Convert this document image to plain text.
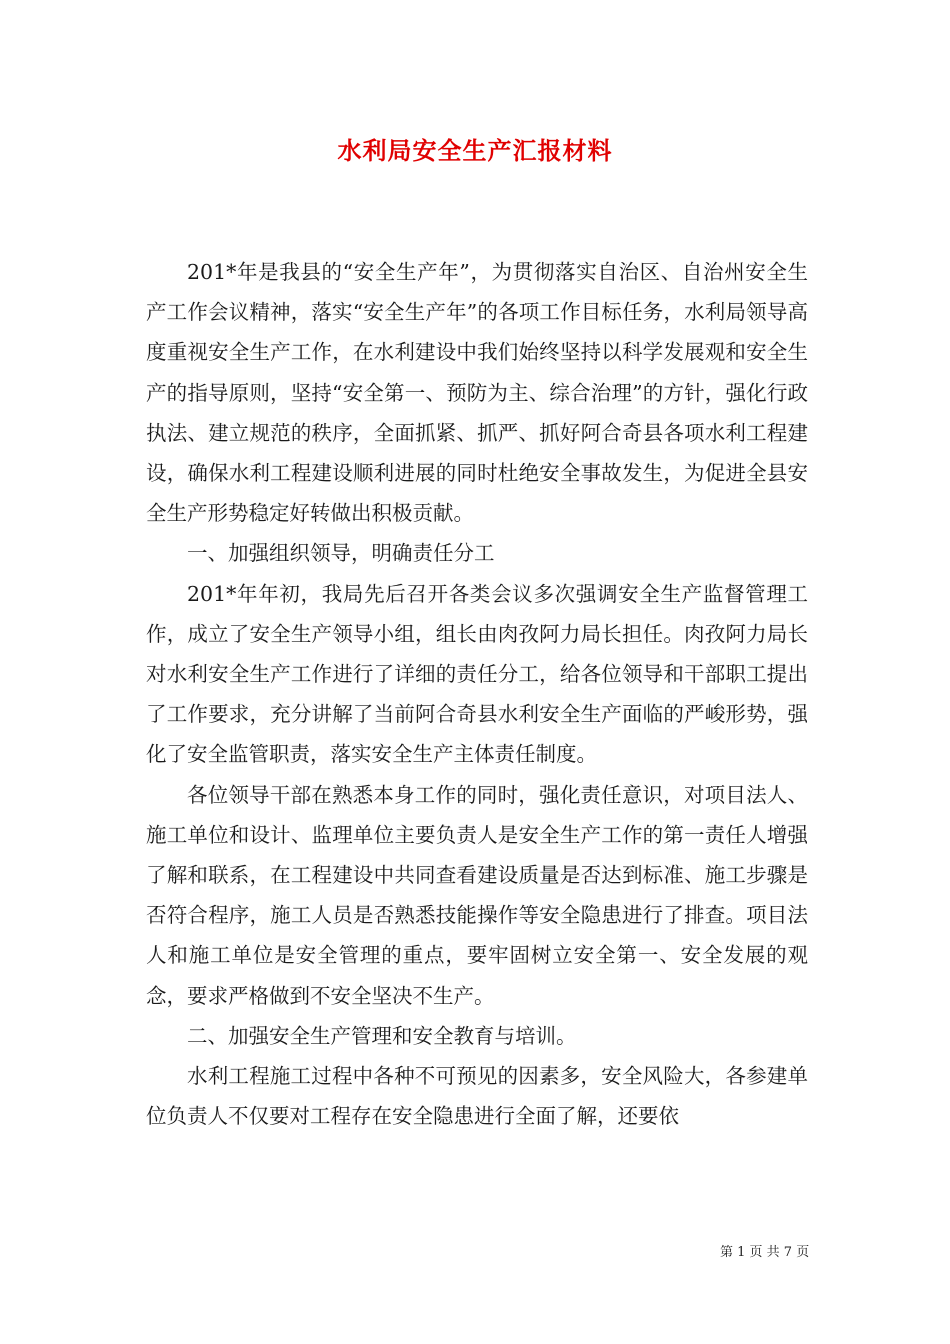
水利局安全生产汇报材料

201*年是我县的“安全生产年”，为贯彻落实自治区、自治州安全生产工作会议精神，落实“安全生产年”的各项工作目标任务，水利局领导高度重视安全生产工作，在水利建设中我们始终坚持以科学发展观和安全生产的指导原则，坚持“安全第一、预防为主、综合治理”的方针，强化行政执法、建立规范的秩序，全面抓紧、抓严、抓好阿合奇县各项水利工程建设，确保水利工程建设顺利进展的同时杜绝安全事故发生，为促进全县安全生产形势稳定好转做出积极贡献。

一、加强组织领导，明确责任分工

201*年年初，我局先后召开各类会议多次强调安全生产监督管理工作，成立了安全生产领导小组，组长由肉孜阿力局长担任。肉孜阿力局长对水利安全生产工作进行了详细的责任分工，给各位领导和干部职工提出了工作要求，充分讲解了当前阿合奇县水利安全生产面临的严峻形势，强化了安全监管职责，落实安全生产主体责任制度。

各位领导干部在熟悉本身工作的同时，强化责任意识，对项目法人、施工单位和设计、监理单位主要负责人是安全生产工作的第一责任人增强了解和联系，在工程建设中共同查看建设质量是否达到标准、施工步骤是否符合程序，施工人员是否熟悉技能操作等安全隐患进行了排查。项目法人和施工单位是安全管理的重点，要牢固树立安全第一、安全发展的观念，要求严格做到不安全坚决不生产。

二、加强安全生产管理和安全教育与培训。

水利工程施工过程中各种不可预见的因素多，安全风险大，各参建单位负责人不仅要对工程存在安全隐患进行全面了解，还要依

第 1 页 共 7 页
